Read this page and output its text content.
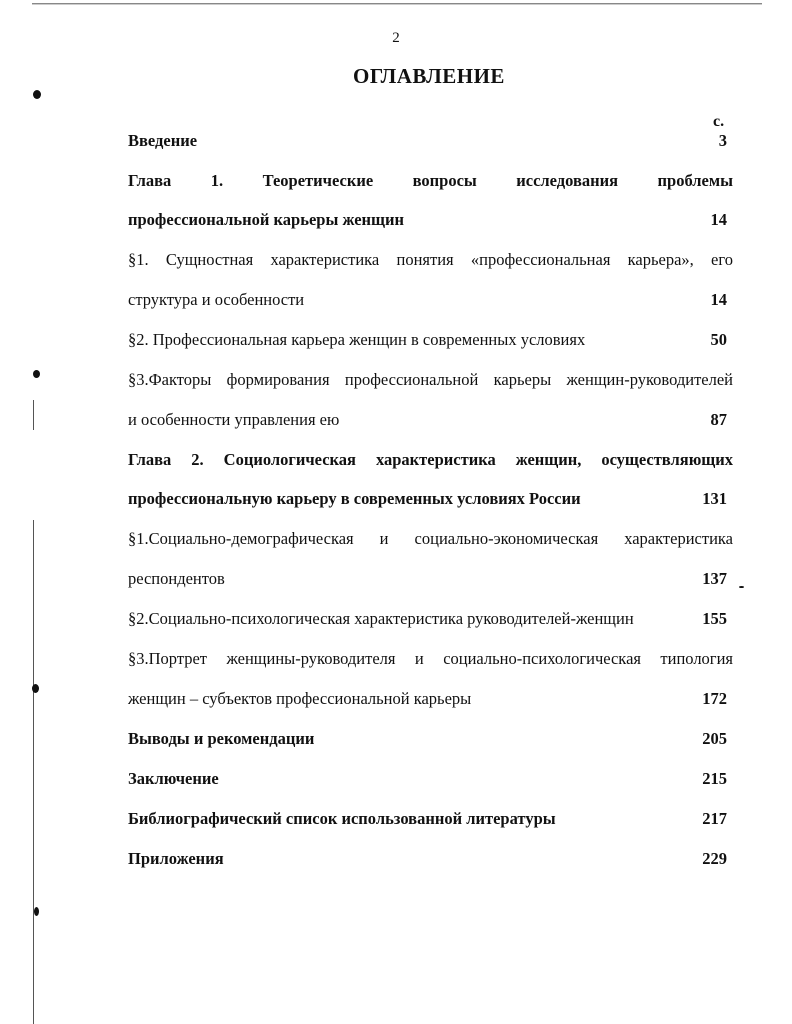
2
ОГЛАВЛЕНИЕ
с.
Введение	3
Глава 1. Теоретические вопросы исследования проблемы
профессиональной карьеры женщин	14
§1. Сущностная характеристика понятия «профессиональная карьера», его
структура и особенности	14
§2. Профессиональная карьера женщин в современных условиях	50
§3.Факторы формирования профессиональной карьеры женщин-руководителей
и особенности управления ею	87
Глава 2. Социологическая характеристика женщин, осуществляющих
профессиональную карьеру в современных условиях России	131
§1.Социально-демографическая и социально-экономическая характеристика
респондентов	137
§2.Социально-психологическая характеристика руководителей-женщин	155
§3.Портрет женщины-руководителя и социально-психологическая типология
женщин – субъектов профессиональной карьеры	172
Выводы и рекомендации	205
Заключение	215
Библиографический список использованной литературы	217
Приложения	229
